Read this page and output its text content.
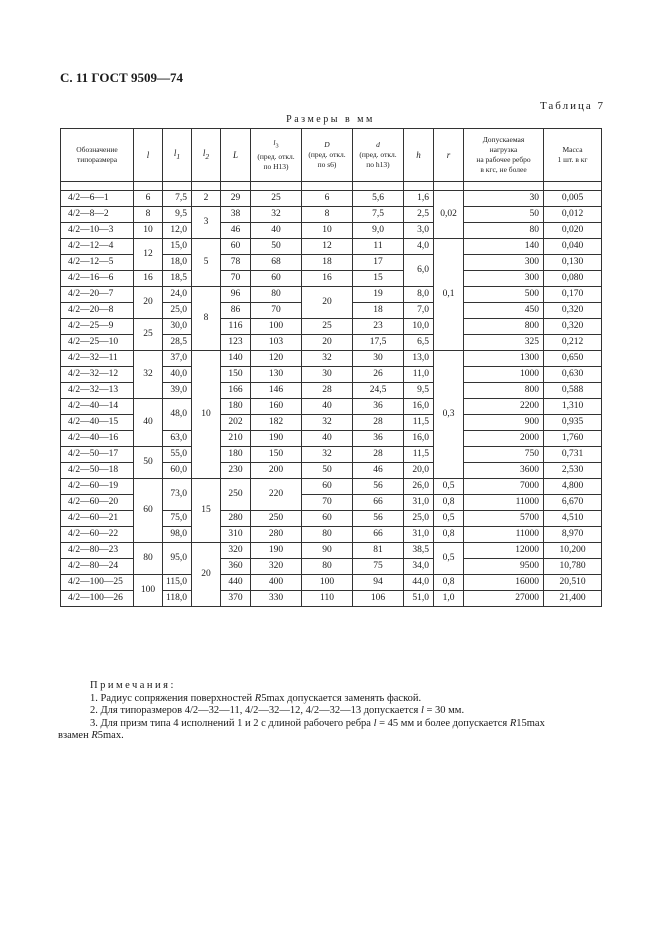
С. 11 ГОСТ 9509—74
Таблица 7
Размеры в мм
Обозначение
типоразмера	l	$l_1$	$l_2$	L	$l_3$
(пред. откл.
по Н13)	D
(пред. откл.
по s6)	d
(пред. откл.
по h13)	h	r	Допускаемая
нагрузка
на рабочее ребро
в кгс, не более	Масса
1 шт. в кг

4/2—6—1	6	7,5	2	29	25	6	5,6	1,6	0,02	30	0,005
4/2—8—2	8	9,5	3	38	32	8	7,5	2,5		50	0,012
4/2—10—3	10	12,0		46	40	10	9,0	3,0		80	0,020
4/2—12—4	12	15,0	5	60	50	12	11	4,0	0,1	140	0,040
4/2—12—5		18,0		78	68	18	17	6,0		300	0,130
4/2—16—6	16	18,5		70	60	16	15			300	0,080
4/2—20—7	20	24,0	8	96	80	20	19	8,0		500	0,170
4/2—20—8		25,0		86	70		18	7,0		450	0,320
4/2—25—9	25	30,0		116	100	25	23	10,0		800	0,320
4/2—25—10		28,5		123	103	20	17,5	6,5		325	0,212
4/2—32—11	32	37,0	10	140	120	32	30	13,0	0,3	1300	0,650
4/2—32—12		40,0		150	130	30	26	11,0		1000	0,630
4/2—32—13		39,0		166	146	28	24,5	9,5		800	0,588
4/2—40—14	40	48,0		180	160	40	36	16,0		2200	1,310
4/2—40—15				202	182	32	28	11,5		900	0,935
4/2—40—16		63,0		210	190	40	36	16,0		2000	1,760
4/2—50—17	50	55,0		180	150	32	28	11,5		750	0,731
4/2—50—18		60,0		230	200	50	46	20,0		3600	2,530
4/2—60—19	60	73,0	15	250	220	60	56	26,0	0,5	7000	4,800
4/2—60—20						70	66	31,0	0,8	11000	6,670
4/2—60—21		75,0		280	250	60	56	25,0	0,5	5700	4,510
4/2—60—22		98,0		310	280	80	66	31,0	0,8	11000	8,970
4/2—80—23	80	95,0	20	320	190	90	81	38,5	0,5	12000	10,200
4/2—80—24				360	320	80	75	34,0		9500	10,780
4/2—100—25	100	115,0		440	400	100	94	44,0	0,8	16000	20,510
4/2—100—26		118,0		370	330	110	106	51,0	1,0	27000	21,400
Примечания:
1. Радиус сопряжения поверхностей R5max допускается заменять фаской.
2. Для типоразмеров 4/2—32—11, 4/2—32—12, 4/2—32—13 допускается l = 30 мм.
3. Для призм типа 4 исполнений 1 и 2 с длиной рабочего ребра l = 45 мм и более допускается R15max
взамен R5max.
